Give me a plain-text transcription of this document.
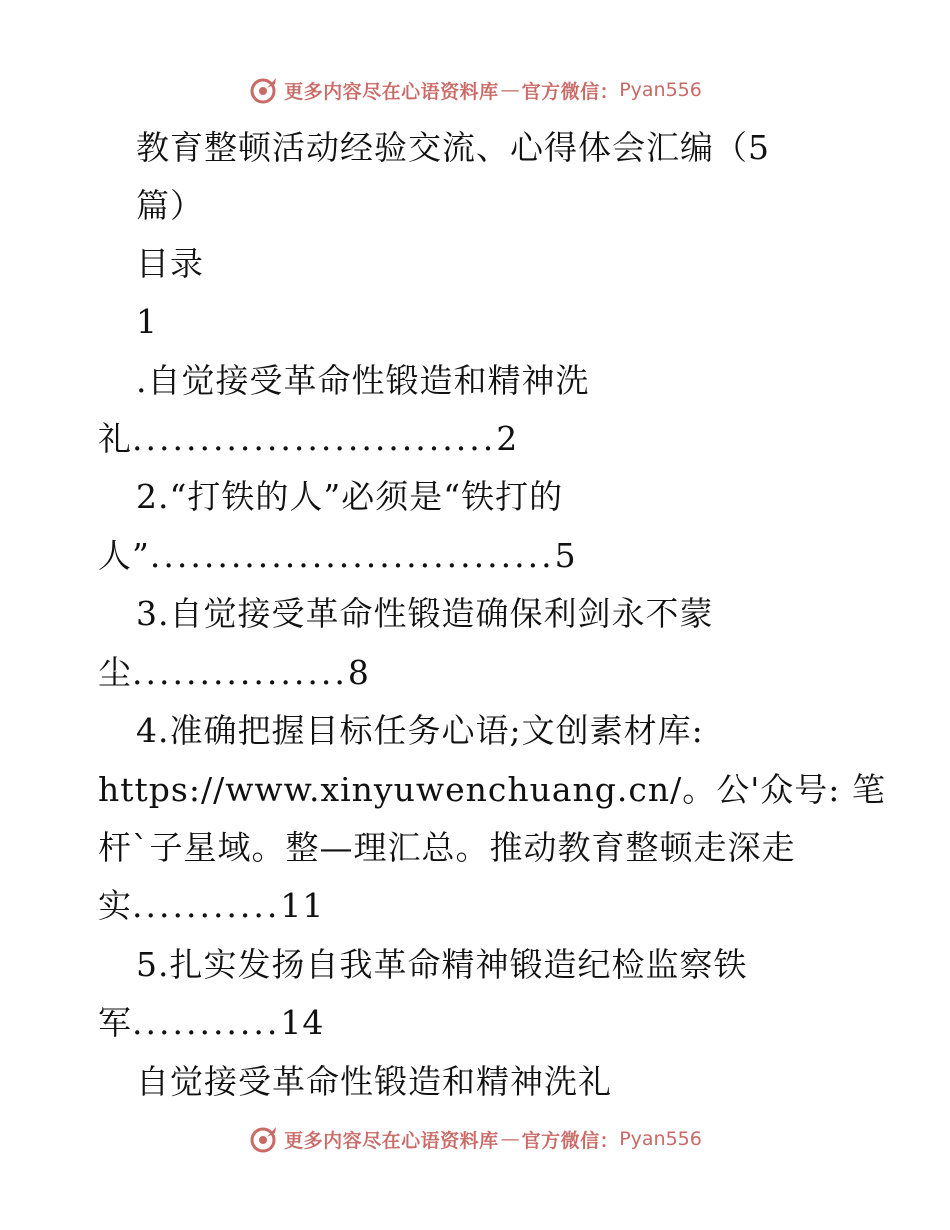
更多内容尽在心语资料库 — 官方微信： Pyan556
教育整顿活动经验交流、心得体会汇编（5
篇）
目录
1
.自觉接受革命性锻造和精神洗
礼...........................2
2.“打铁的人”必须是“铁打的
人”..............................5
3.自觉接受革命性锻造确保利剑永不蒙
尘................8
4.准确把握目标任务心语;文创素材库:
https://www.xinyuwenchuang.cn/。公'众号: 笔
杆`子星域。整—理汇总。推动教育整顿走深走
实...........11
5.扎实发扬自我革命精神锻造纪检监察铁
军...........14
自觉接受革命性锻造和精神洗礼
更多内容尽在心语资料库 — 官方微信： Pyan556
